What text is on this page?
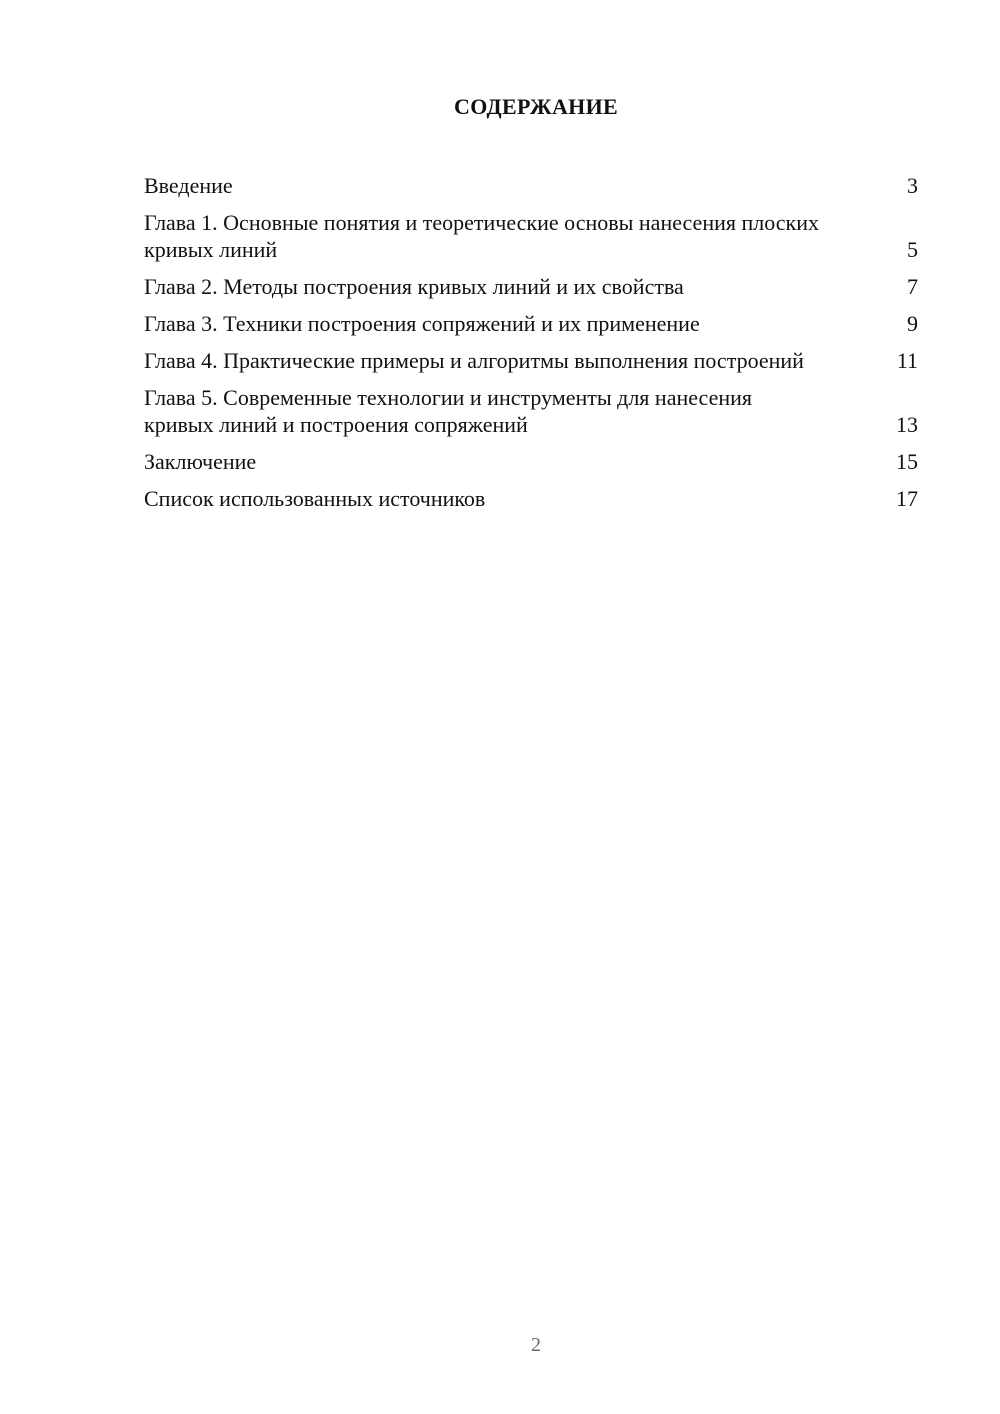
СОДЕРЖАНИЕ
Введение	3
Глава 1. Основные понятия и теоретические основы нанесения плоских кривых линий	5
Глава 2. Методы построения кривых линий и их свойства	7
Глава 3. Техники построения сопряжений и их применение	9
Глава 4. Практические примеры и алгоритмы выполнения построений	11
Глава 5. Современные технологии и инструменты для нанесения кривых линий и построения сопряжений	13
Заключение	15
Список использованных источников	17
2
